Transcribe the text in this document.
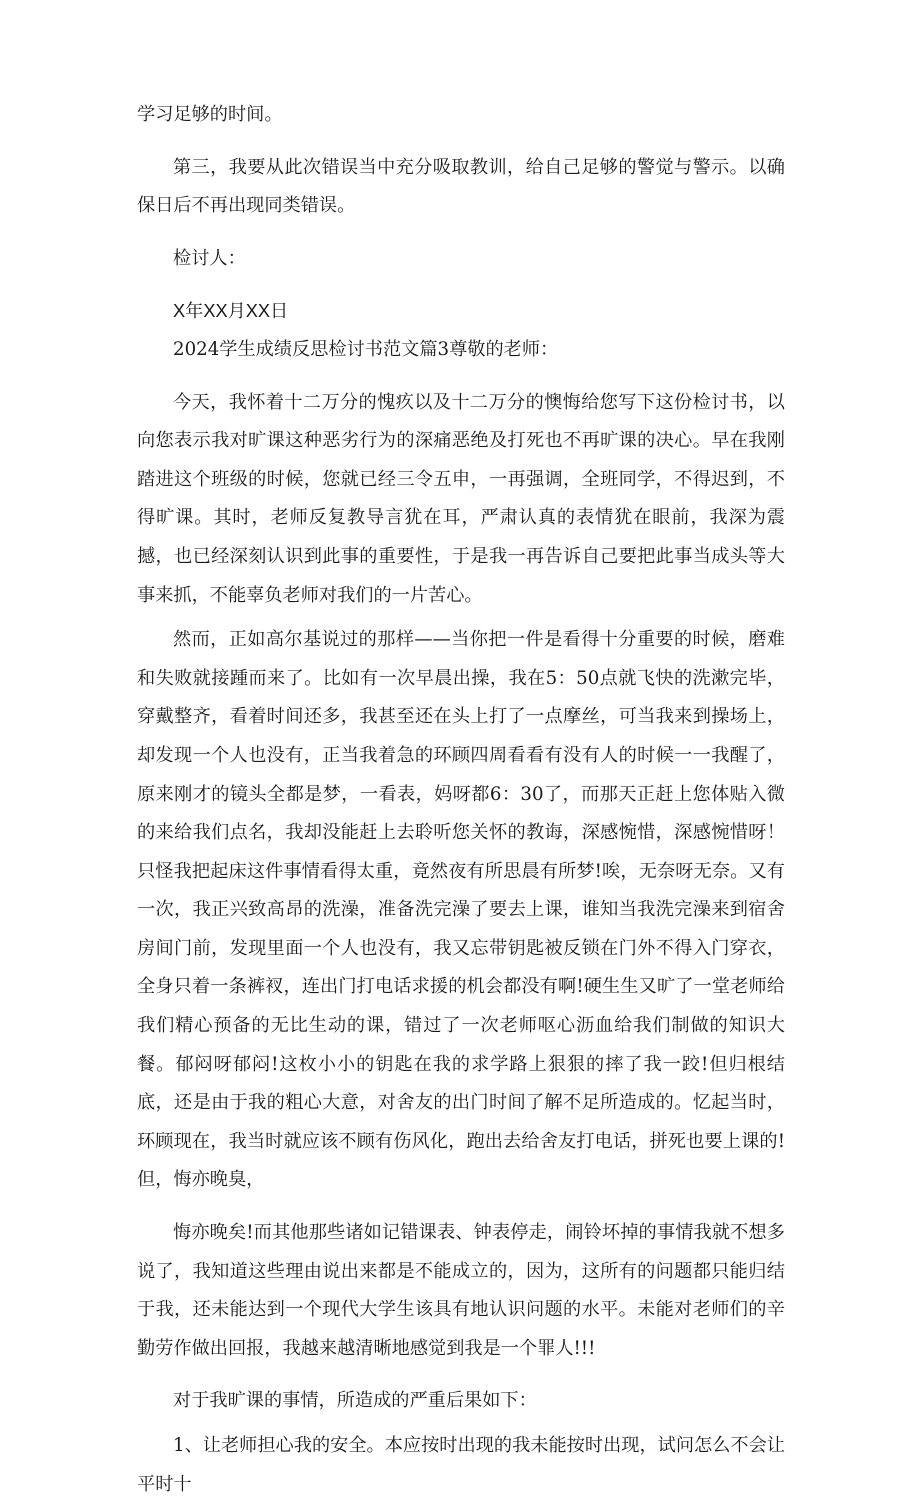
学习足够的时间。

第三，我要从此次错误当中充分吸取教训，给自己足够的警觉与警示。以确保日后不再出现同类错误。

检讨人：

X年XX月XX日

2024学生成绩反思检讨书范文篇3尊敬的老师：

今天，我怀着十二万分的愧疚以及十二万分的懊悔给您写下这份检讨书，以向您表示我对旷课这种恶劣行为的深痛恶绝及打死也不再旷课的决心。早在我刚踏进这个班级的时候，您就已经三令五申，一再强调，全班同学，不得迟到，不得旷课。其时，老师反复教导言犹在耳，严肃认真的表情犹在眼前，我深为震撼，也已经深刻认识到此事的重要性，于是我一再告诉自己要把此事当成头等大事来抓，不能辜负老师对我们的一片苦心。

然而，正如高尔基说过的那样——当你把一件是看得十分重要的时候，磨难和失败就接踵而来了。比如有一次早晨出操，我在5：50点就飞快的洗漱完毕，穿戴整齐，看着时间还多，我甚至还在头上打了一点摩丝，可当我来到操场上，却发现一个人也没有，正当我着急的环顾四周看看有没有人的时候一一我醒了，原来刚才的镜头全都是梦，一看表，妈呀都6：30了，而那天正赶上您体贴入微的来给我们点名，我却没能赶上去聆听您关怀的教诲，深感惋惜，深感惋惜呀！只怪我把起床这件事情看得太重，竟然夜有所思晨有所梦!唉，无奈呀无奈。又有一次，我正兴致高昂的洗澡，准备洗完澡了要去上课，谁知当我洗完澡来到宿舍房间门前，发现里面一个人也没有，我又忘带钥匙被反锁在门外不得入门穿衣，全身只着一条裤衩，连出门打电话求援的机会都没有啊!硬生生又旷了一堂老师给我们精心预备的无比生动的课，错过了一次老师呕心沥血给我们制做的知识大餐。郁闷呀郁闷!这枚小小的钥匙在我的求学路上狠狠的摔了我一跤!但归根结底，还是由于我的粗心大意，对舍友的出门时间了解不足所造成的。忆起当时，环顾现在，我当时就应该不顾有伤风化，跑出去给舍友打电话，拼死也要上课的!但，悔亦晚臭，

悔亦晚矣!而其他那些诸如记错课表、钟表停走，闹铃坏掉的事情我就不想多说了，我知道这些理由说出来都是不能成立的，因为，这所有的问题都只能归结于我，还未能达到一个现代大学生该具有地认识问题的水平。未能对老师们的辛勤劳作做出回报，我越来越清晰地感觉到我是一个罪人!!!

对于我旷课的事情，所造成的严重后果如下：

1、让老师担心我的安全。本应按时出现的我未能按时出现，试问怎么不会让平时十
